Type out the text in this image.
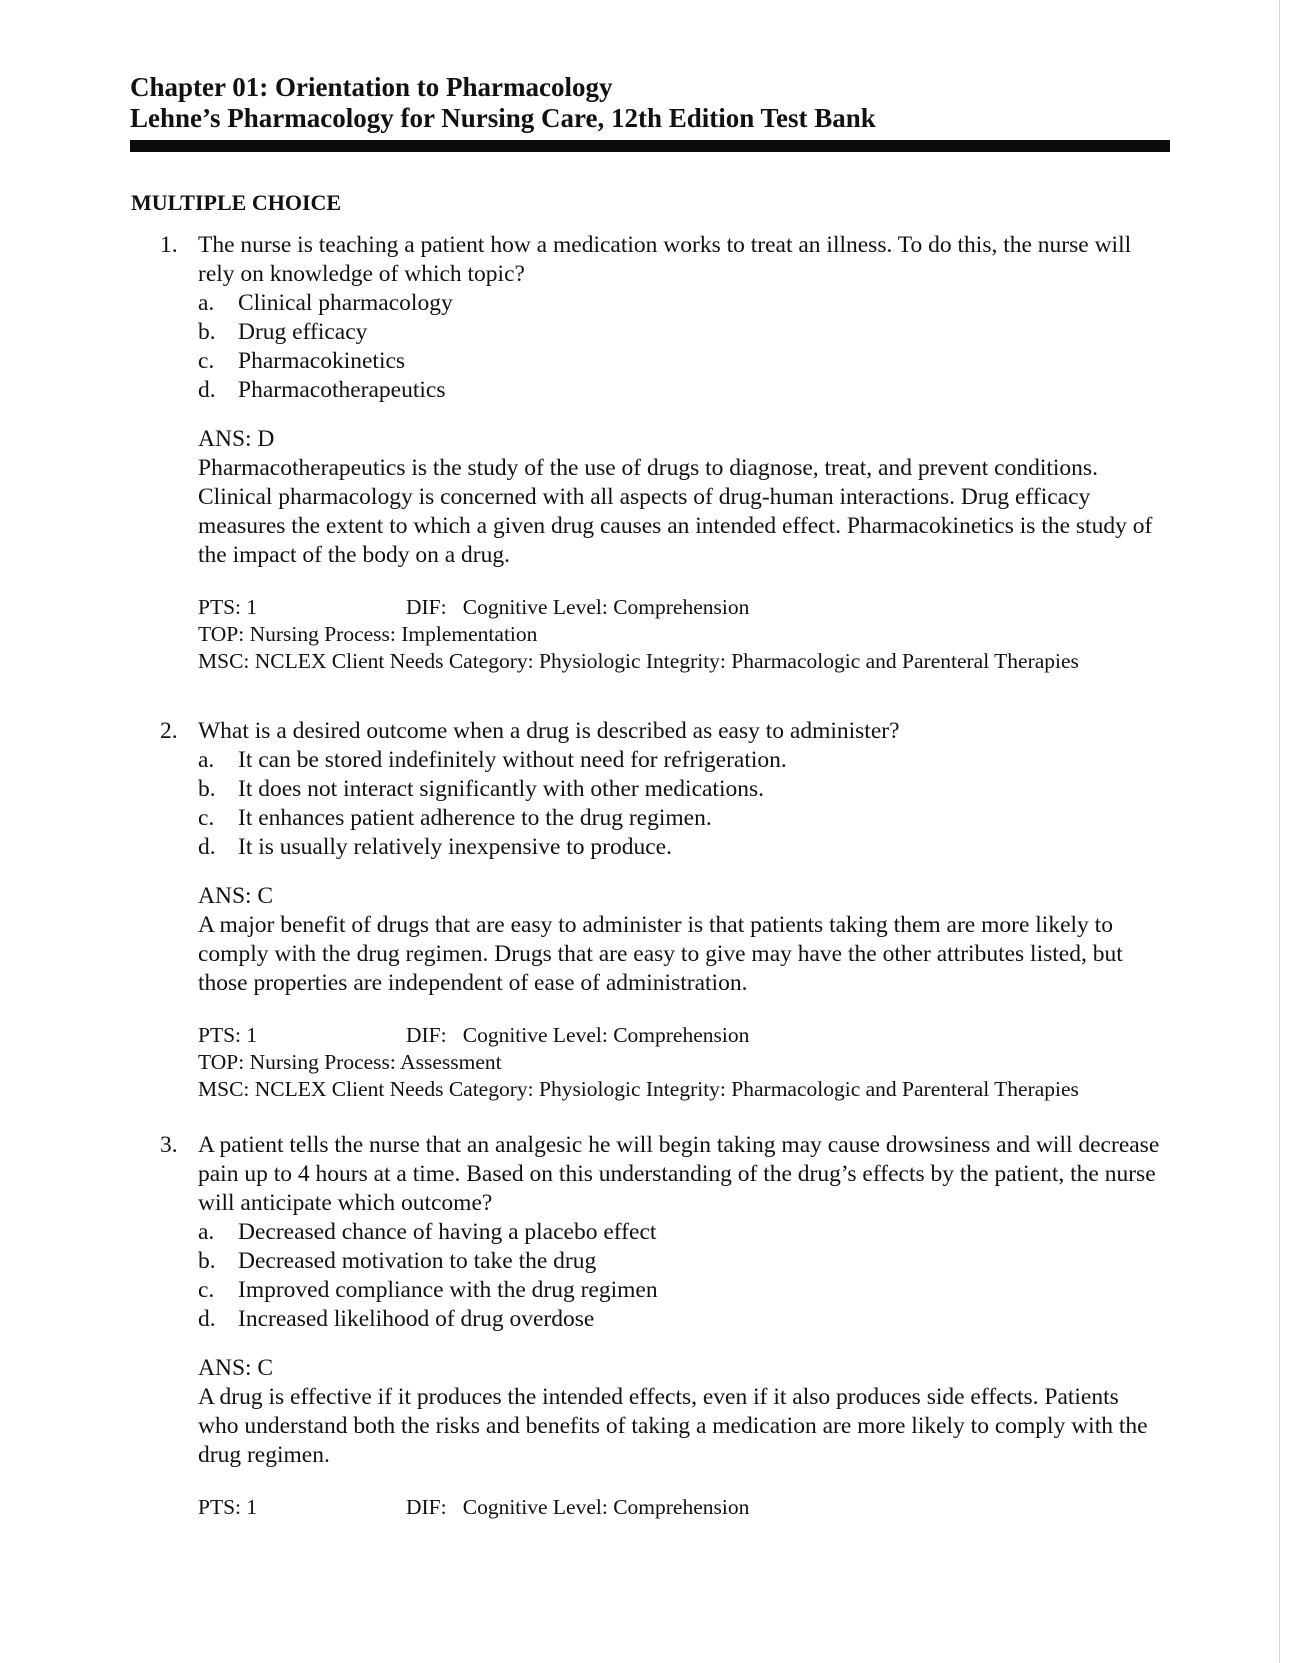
Chapter 01: Orientation to Pharmacology
Lehne’s Pharmacology for Nursing Care, 12th Edition Test Bank
MULTIPLE CHOICE
1. The nurse is teaching a patient how a medication works to treat an illness. To do this, the nurse will rely on knowledge of which topic?
a.	Clinical pharmacology
b. Drug efficacy
c.	Pharmacokinetics
d. Pharmacotherapeutics
ANS: D
Pharmacotherapeutics is the study of the use of drugs to diagnose, treat, and prevent conditions. Clinical pharmacology is concerned with all aspects of drug-human interactions. Drug efficacy measures the extent to which a given drug causes an intended effect. Pharmacokinetics is the study of the impact of the body on a drug.
PTS: 1	DIF:   Cognitive Level: Comprehension
TOP: Nursing Process: Implementation
MSC: NCLEX Client Needs Category: Physiologic Integrity: Pharmacologic and Parenteral Therapies
2. What is a desired outcome when a drug is described as easy to administer?
a.	It can be stored indefinitely without need for refrigeration.
b. It does not interact significantly with other medications.
c.	It enhances patient adherence to the drug regimen.
d. It is usually relatively inexpensive to produce.
ANS: C
A major benefit of drugs that are easy to administer is that patients taking them are more likely to comply with the drug regimen. Drugs that are easy to give may have the other attributes listed, but those properties are independent of ease of administration.
PTS: 1	DIF:   Cognitive Level: Comprehension
TOP: Nursing Process: Assessment
MSC: NCLEX Client Needs Category: Physiologic Integrity: Pharmacologic and Parenteral Therapies
3. A patient tells the nurse that an analgesic he will begin taking may cause drowsiness and will decrease pain up to 4 hours at a time. Based on this understanding of the drug’s effects by the patient, the nurse will anticipate which outcome?
a.	Decreased chance of having a placebo effect
b. Decreased motivation to take the drug
c.	Improved compliance with the drug regimen
d. Increased likelihood of drug overdose
ANS: C
A drug is effective if it produces the intended effects, even if it also produces side effects. Patients who understand both the risks and benefits of taking a medication are more likely to comply with the drug regimen.
PTS: 1	DIF:   Cognitive Level: Comprehension
